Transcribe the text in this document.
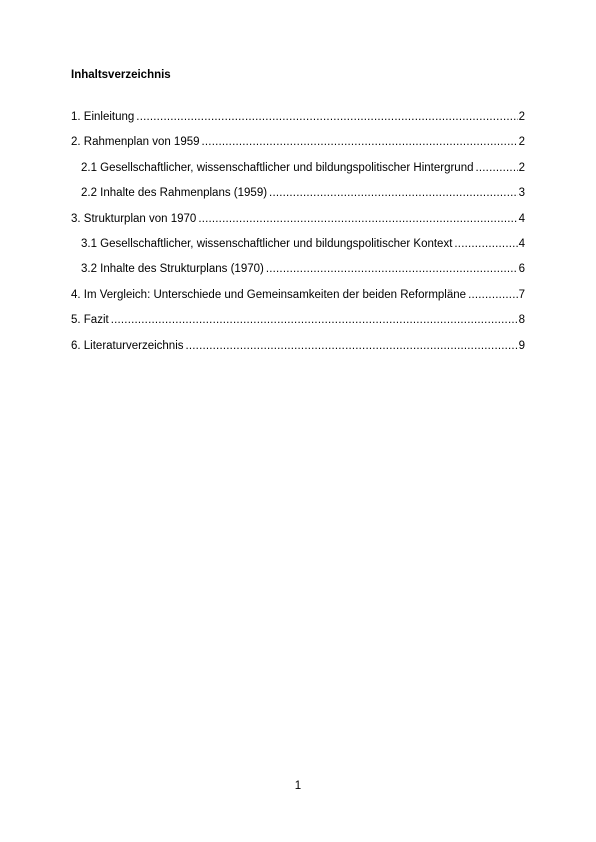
Inhaltsverzeichnis
1. Einleitung .....	2
2. Rahmenplan von 1959 .....	2
2.1 Gesellschaftlicher, wissenschaftlicher und bildungspolitischer Hintergrund .....	2
2.2 Inhalte des Rahmenplans (1959) .....	3
3. Strukturplan von 1970 .....	4
3.1 Gesellschaftlicher, wissenschaftlicher und bildungspolitischer Kontext .....	4
3.2 Inhalte des Strukturplans (1970) .....	6
4. Im Vergleich: Unterschiede und Gemeinsamkeiten der beiden Reformpläne .....	7
5. Fazit .....	8
6. Literaturverzeichnis .....	9
1
